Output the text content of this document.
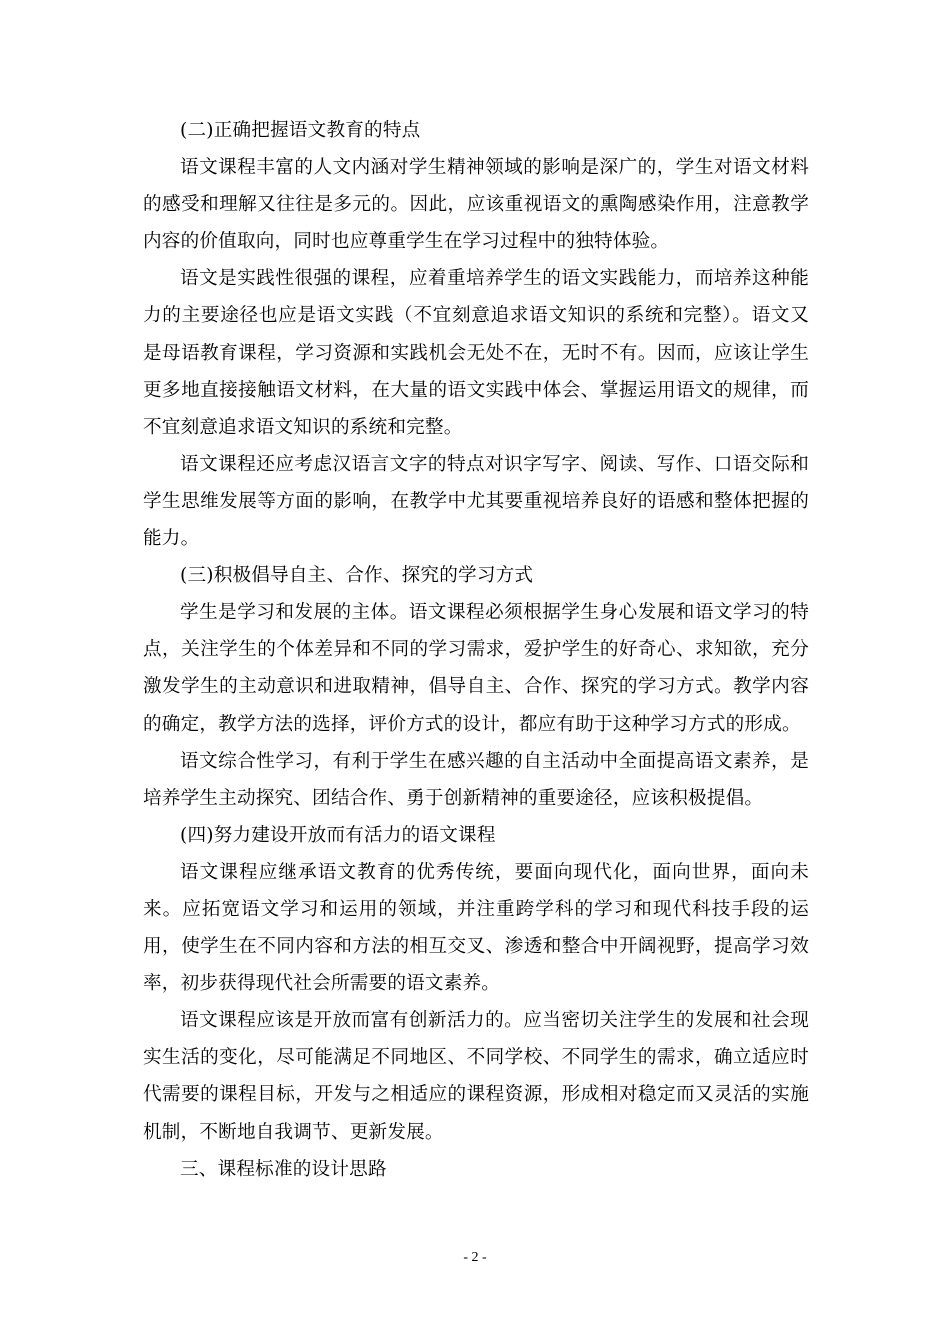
(二)正确把握语文教育的特点

语文课程丰富的人文内涵对学生精神领域的影响是深广的，学生对语文材料的感受和理解又往往是多元的。因此，应该重视语文的熏陶感染作用，注意教学内容的价值取向，同时也应尊重学生在学习过程中的独特体验。

语文是实践性很强的课程，应着重培养学生的语文实践能力，而培养这种能力的主要途径也应是语文实践（不宜刻意追求语文知识的系统和完整）。语文又是母语教育课程，学习资源和实践机会无处不在，无时不有。因而，应该让学生更多地直接接触语文材料，在大量的语文实践中体会、掌握运用语文的规律，而不宜刻意追求语文知识的系统和完整。

语文课程还应考虑汉语言文字的特点对识字写字、阅读、写作、口语交际和学生思维发展等方面的影响，在教学中尤其要重视培养良好的语感和整体把握的能力。

(三)积极倡导自主、合作、探究的学习方式

学生是学习和发展的主体。语文课程必须根据学生身心发展和语文学习的特点，关注学生的个体差异和不同的学习需求，爱护学生的好奇心、求知欲，充分激发学生的主动意识和进取精神，倡导自主、合作、探究的学习方式。教学内容的确定，教学方法的选择，评价方式的设计，都应有助于这种学习方式的形成。

语文综合性学习，有利于学生在感兴趣的自主活动中全面提高语文素养，是培养学生主动探究、团结合作、勇于创新精神的重要途径，应该积极提倡。

(四)努力建设开放而有活力的语文课程

语文课程应继承语文教育的优秀传统，要面向现代化，面向世界，面向未来。应拓宽语文学习和运用的领域，并注重跨学科的学习和现代科技手段的运用，使学生在不同内容和方法的相互交叉、渗透和整合中开阔视野，提高学习效率，初步获得现代社会所需要的语文素养。

语文课程应该是开放而富有创新活力的。应当密切关注学生的发展和社会现实生活的变化，尽可能满足不同地区、不同学校、不同学生的需求，确立适应时代需要的课程目标，开发与之相适应的课程资源，形成相对稳定而又灵活的实施机制，不断地自我调节、更新发展。

三、课程标准的设计思路

- 2 -
